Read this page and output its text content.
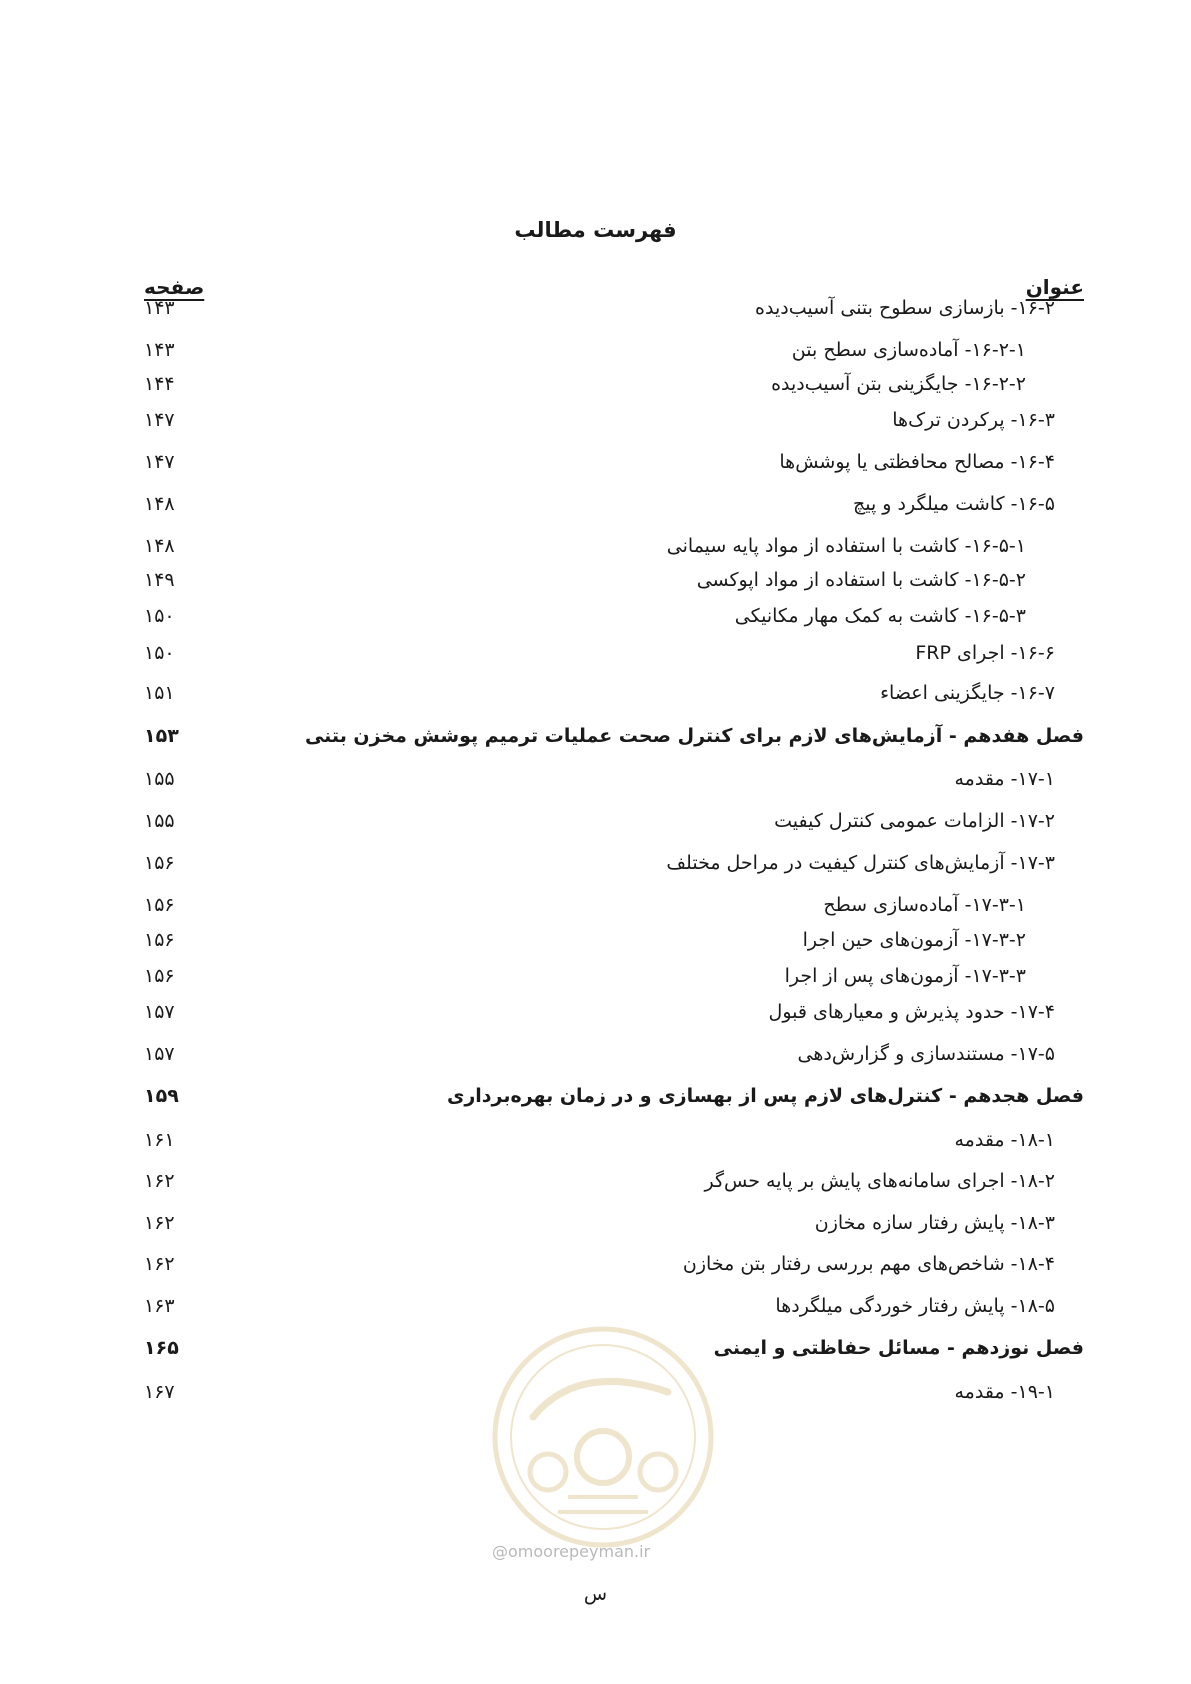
فهرست مطالب
عنوان
صفحه
۱۶-۲- بازسازی سطوح بتنی آسیب‌دیده
۱۴۳
۱۶-۲-۱- آماده‌سازی سطح بتن
۱۴۳
۱۶-۲-۲- جایگزینی بتن آسیب‌دیده
۱۴۴
۱۶-۳- پرکردن ترک‌ها
۱۴۷
۱۶-۴- مصالح محافظتی یا پوشش‌ها
۱۴۷
۱۶-۵- کاشت میلگرد و پیچ
۱۴۸
۱۶-۵-۱- کاشت با استفاده از مواد پایه سیمانی
۱۴۸
۱۶-۵-۲- کاشت با استفاده از مواد اپوکسی
۱۴۹
۱۶-۵-۳- کاشت به کمک مهار مکانیکی
۱۵۰
۱۶-۶- اجرای FRP
۱۵۰
۱۶-۷- جایگزینی اعضاء
۱۵۱
فصل هفدهم - آزمایش‌های لازم برای کنترل صحت عملیات ترمیم پوشش مخزن بتنی
۱۵۳
۱۷-۱- مقدمه
۱۵۵
۱۷-۲- الزامات عمومی کنترل کیفیت
۱۵۵
۱۷-۳- آزمایش‌های کنترل کیفیت در مراحل مختلف
۱۵۶
۱۷-۳-۱- آماده‌سازی سطح
۱۵۶
۱۷-۳-۲- آزمون‌های حین اجرا
۱۵۶
۱۷-۳-۳- آزمون‌های پس از اجرا
۱۵۶
۱۷-۴- حدود پذیرش و معیارهای قبول
۱۵۷
۱۷-۵- مستندسازی و گزارش‌دهی
۱۵۷
فصل هجدهم - کنترل‌های لازم پس از بهسازی و در زمان بهره‌برداری
۱۵۹
۱۸-۱- مقدمه
۱۶۱
۱۸-۲- اجرای سامانه‌های پایش بر پایه حس‌گر
۱۶۲
۱۸-۳- پایش رفتار سازه مخازن
۱۶۲
۱۸-۴- شاخص‌های مهم بررسی رفتار بتن مخازن
۱۶۲
۱۸-۵- پایش رفتار خوردگی میلگردها
۱۶۳
فصل نوزدهم - مسائل حفاظتی و ایمنی
۱۶۵
۱۹-۱- مقدمه
۱۶۷
@omoorepeyman.ir
س
